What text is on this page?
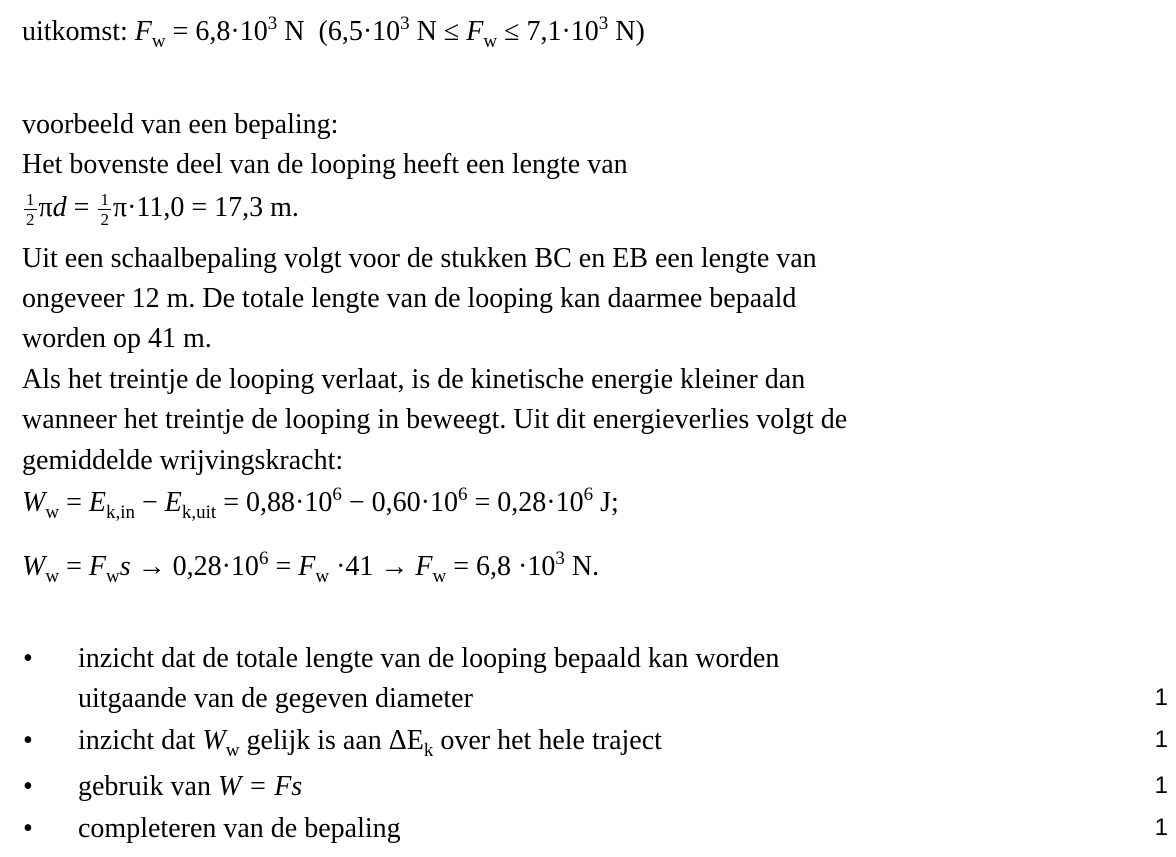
uitkomst: $F_w = 6,8\cdot 10^3$ N ($6,5\cdot 10^3$ $N \le F_w \le 7,1\cdot 10^3$ N)
voorbeeld van een bepaling:
Het bovenste deel van de looping heeft een lengte van
$\frac{1}{2}$ $\pi d = \frac{1}{2} \pi\cdot 11,0 = 17,3$ m.
Uit een schaalbepaling volgt voor de stukken BC en EB een lengte van
ongeveer 12 m. De totale lengte van de looping kan daarmee bepaald
worden op 41 m.
Als het treintje de looping verlaat, is de kinetische energie kleiner dan
wanneer het treintje de looping in beweegt. Uit dit energieverlies volgt de
gemiddelde wrijvingskracht:
$W_w = E_{k,in} - E_{k,uit} = 0,88\cdot 10^6 - 0,60\cdot 10^6 = 0,28\cdot 10^6$ J;
$W_w = F_ws \to 0,28\cdot 10^6 = F_w \cdot 41 \to F_w = 6,8 \cdot 10^3$ N.
• inzicht dat de totale lengte van de looping bepaald kan worden
uitgaande van de gegeven diameter	1
• inzicht dat $W_w$ gelijk is aan $\Delta E_k$ over het hele traject	1
• gebruik van W = Fs	1
• completeren van de bepaling	1
